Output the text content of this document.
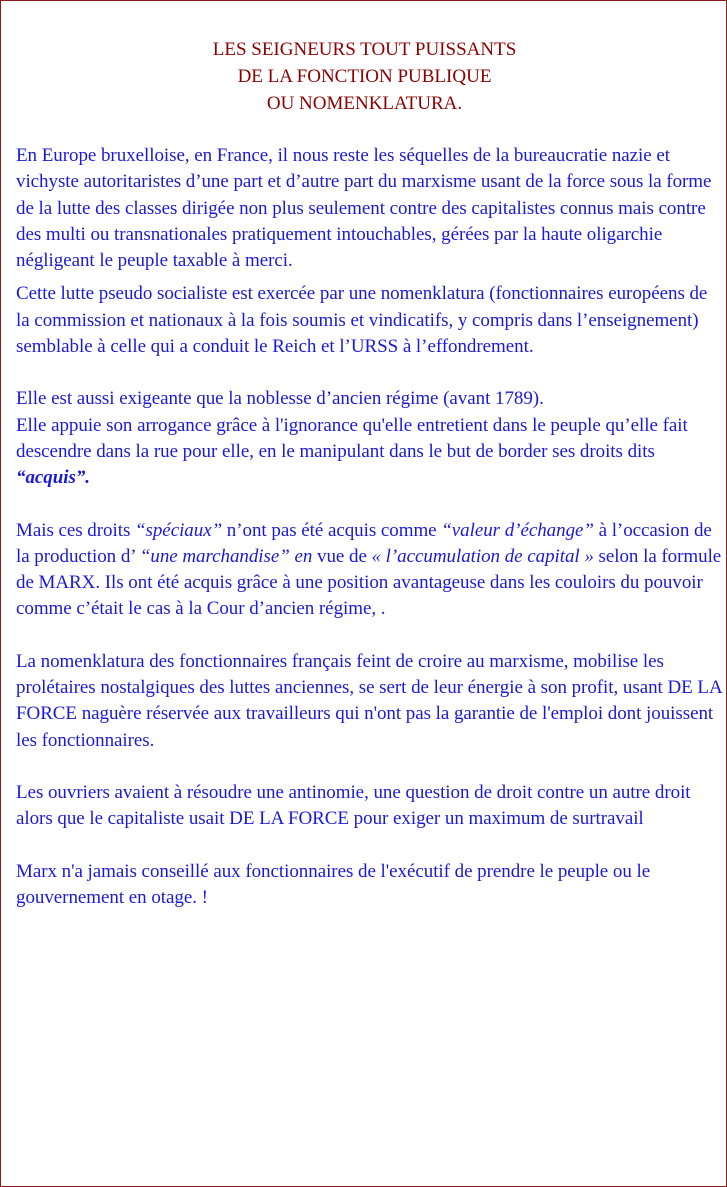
LES SEIGNEURS TOUT PUISSANTS
DE LA FONCTION PUBLIQUE
OU NOMENKLATURA.

En Europe bruxelloise, en France, il nous reste les séquelles de la bureaucratie nazie et vichyste autoritaristes d’une part et d’autre part du marxisme usant de la force sous la forme de la lutte des classes dirigée non plus seulement contre des capitalistes connus mais contre des multi ou transnationales pratiquement intouchables, gérées par la haute oligarchie négligeant le peuple taxable à merci.

Cette lutte pseudo socialiste est exercée par une nomenklatura (fonctionnaires européens de la commission et nationaux à la fois soumis et vindicatifs, y compris dans l’enseignement) semblable à celle qui a conduit le Reich et l’URSS à l’effondrement.

Elle est aussi exigeante que la noblesse d’ancien régime (avant 1789).

Elle appuie son arrogance grâce à l'ignorance qu'elle entretient dans le peuple qu’elle fait descendre dans la rue pour elle, en le manipulant dans le but de border ses droits dits “acquis”.

Mais ces droits “spéciaux” n’ont pas été acquis comme “valeur d’échange” à l’occasion de la production d’ “une marchandise” en vue de « l’accumulation de capital » selon la formule de MARX. Ils ont été acquis grâce à une position avantageuse dans les couloirs du pouvoir comme c’était le cas à la Cour d’ancien régime, .

La nomenklatura des fonctionnaires français feint de croire au marxisme, mobilise les prolétaires nostalgiques des luttes anciennes, se sert de leur énergie à son profit, usant DE LA FORCE naguère réservée aux travailleurs qui n'ont pas la garantie de l'emploi dont jouissent les fonctionnaires.

Les ouvriers avaient à résoudre une antinomie, une question de droit contre un autre droit alors que le capitaliste usait DE LA FORCE pour exiger un maximum de surtravail

Marx n'a jamais conseillé aux fonctionnaires de l'exécutif de prendre le peuple ou le gouvernement en otage. !
